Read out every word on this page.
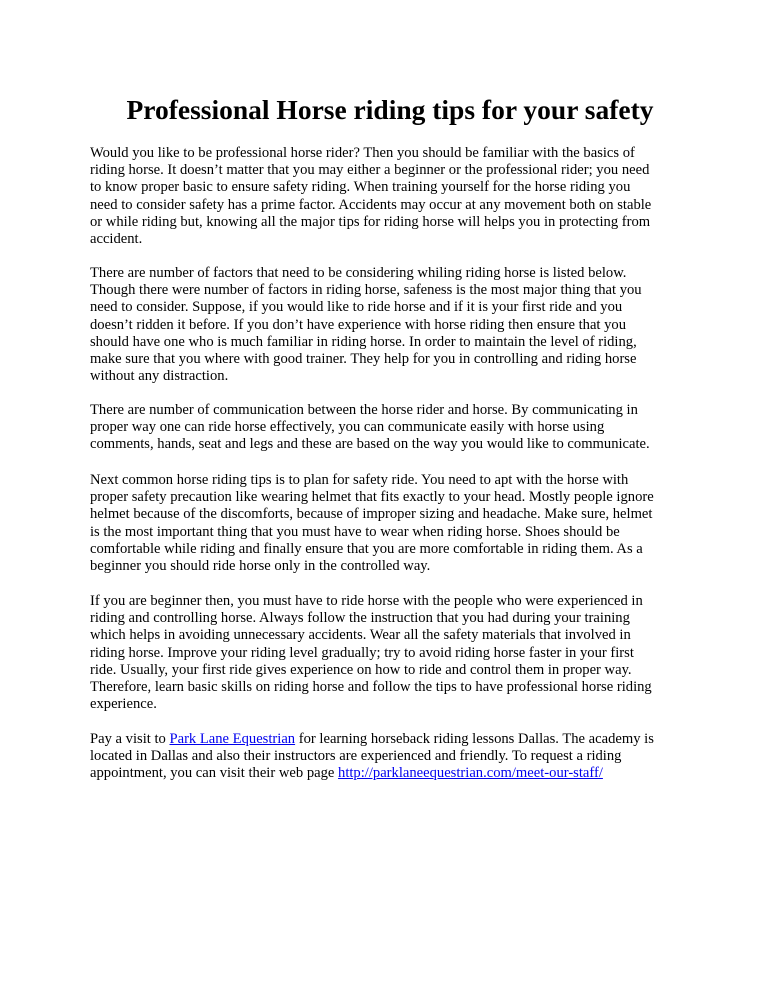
Professional Horse riding tips for your safety

Would you like to be professional horse rider? Then you should be familiar with the basics of
riding horse. It doesn’t matter that you may either a beginner or the professional rider; you need
to know proper basic to ensure safety riding. When training yourself for the horse riding you
need to consider safety has a prime factor. Accidents may occur at any movement both on stable
or while riding but, knowing all the major tips for riding horse will helps you in protecting from
accident.

There are number of factors that need to be considering whiling riding horse is listed below.
Though there were number of factors in riding horse, safeness is the most major thing that you
need to consider. Suppose, if you would like to ride horse and if it is your first ride and you
doesn’t ridden it before. If you don’t have experience with horse riding then ensure that you
should have one who is much familiar in riding horse. In order to maintain the level of riding,
make sure that you where with good trainer. They help for you in controlling and riding horse
without any distraction.

There are number of communication between the horse rider and horse. By communicating in
proper way one can ride horse effectively, you can communicate easily with horse using
comments, hands, seat and legs and these are based on the way you would like to communicate.

Next common horse riding tips is to plan for safety ride. You need to apt with the horse with
proper safety precaution like wearing helmet that fits exactly to your head. Mostly people ignore
helmet because of the discomforts, because of improper sizing and headache. Make sure, helmet
is the most important thing that you must have to wear when riding horse. Shoes should be
comfortable while riding and finally ensure that you are more comfortable in riding them. As a
beginner you should ride horse only in the controlled way.

If you are beginner then, you must have to ride horse with the people who were experienced in
riding and controlling horse. Always follow the instruction that you had during your training
which helps in avoiding unnecessary accidents. Wear all the safety materials that involved in
riding horse. Improve your riding level gradually; try to avoid riding horse faster in your first
ride. Usually, your first ride gives experience on how to ride and control them in proper way.
Therefore, learn basic skills on riding horse and follow the tips to have professional horse riding
experience.

Pay a visit to Park Lane Equestrian for learning horseback riding lessons Dallas. The academy is
located in Dallas and also their instructors are experienced and friendly. To request a riding
appointment, you can visit their web page http://parklaneequestrian.com/meet-our-staff/
